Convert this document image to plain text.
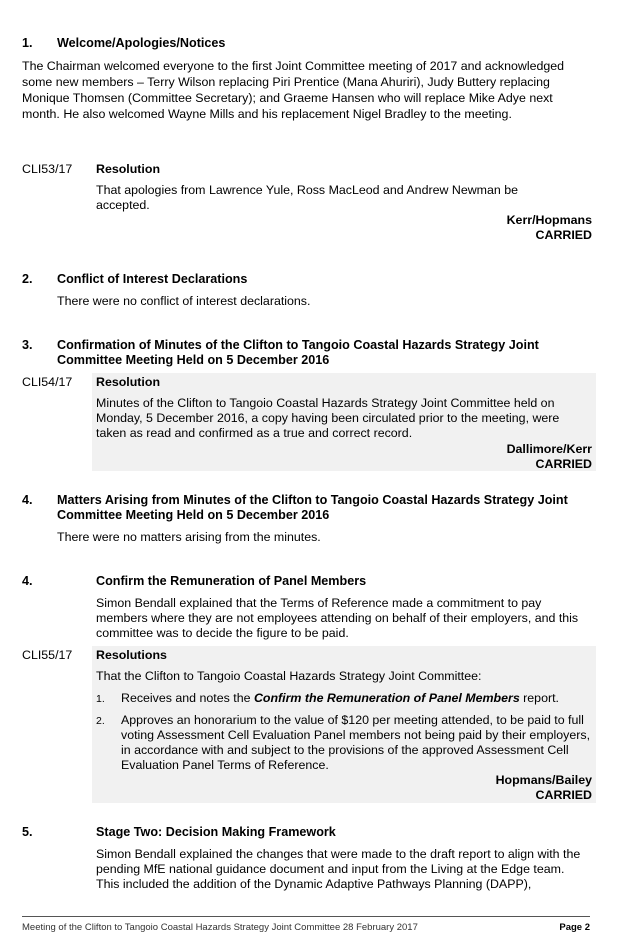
1. Welcome/Apologies/Notices

The Chairman welcomed everyone to the first Joint Committee meeting of 2017 and acknowledged some new members – Terry Wilson replacing Piri Prentice (Mana Ahuriri), Judy Buttery replacing Monique Thomsen (Committee Secretary); and Graeme Hansen who will replace Mike Adye next month. He also welcomed Wayne Mills and his replacement Nigel Bradley to the meeting.

CLI53/17 Resolution

That apologies from Lawrence Yule, Ross MacLeod and Andrew Newman be accepted.

Kerr/Hopmans
CARRIED
2. Conflict of Interest Declarations

There were no conflict of interest declarations.

3. Confirmation of Minutes of the Clifton to Tangoio Coastal Hazards Strategy Joint
Committee Meeting Held on 5 December 2016
CLI54/17 Resolution

Minutes of the Clifton to Tangoio Coastal Hazards Strategy Joint Committee held on Monday, 5 December 2016, a copy having been circulated prior to the meeting, were taken as read and confirmed as a true and correct record.

Dallimore/Kerr
CARRIED
4. Matters Arising from Minutes of the Clifton to Tangoio Coastal Hazards Strategy Joint
Committee Meeting Held on 5 December 2016

There were no matters arising from the minutes.

4.	Confirm the Remuneration of Panel Members

Simon Bendall explained that the Terms of Reference made a commitment to pay members where they are not employees attending on behalf of their employers, and this committee was to decide the figure to be paid.

CLI55/17 Resolutions

That the Clifton to Tangoio Coastal Hazards Strategy Joint Committee:

1. Receives and notes the Confirm the Remuneration of Panel Members report.
2. Approves an honorarium to the value of $120 per meeting attended, to be paid to full voting Assessment Cell Evaluation Panel members not being paid by their employers, in accordance with and subject to the provisions of the approved Assessment Cell Evaluation Panel Terms of Reference.

Hopmans/Bailey
CARRIED
5.	Stage Two: Decision Making Framework

Simon Bendall explained the changes that were made to the draft report to align with the pending MfE national guidance document and input from the Living at the Edge team. This included the addition of the Dynamic Adaptive Pathways Planning (DAPP),

Meeting of the Clifton to Tangoio Coastal Hazards Strategy Joint Committee 28 February 2017	Page 2
